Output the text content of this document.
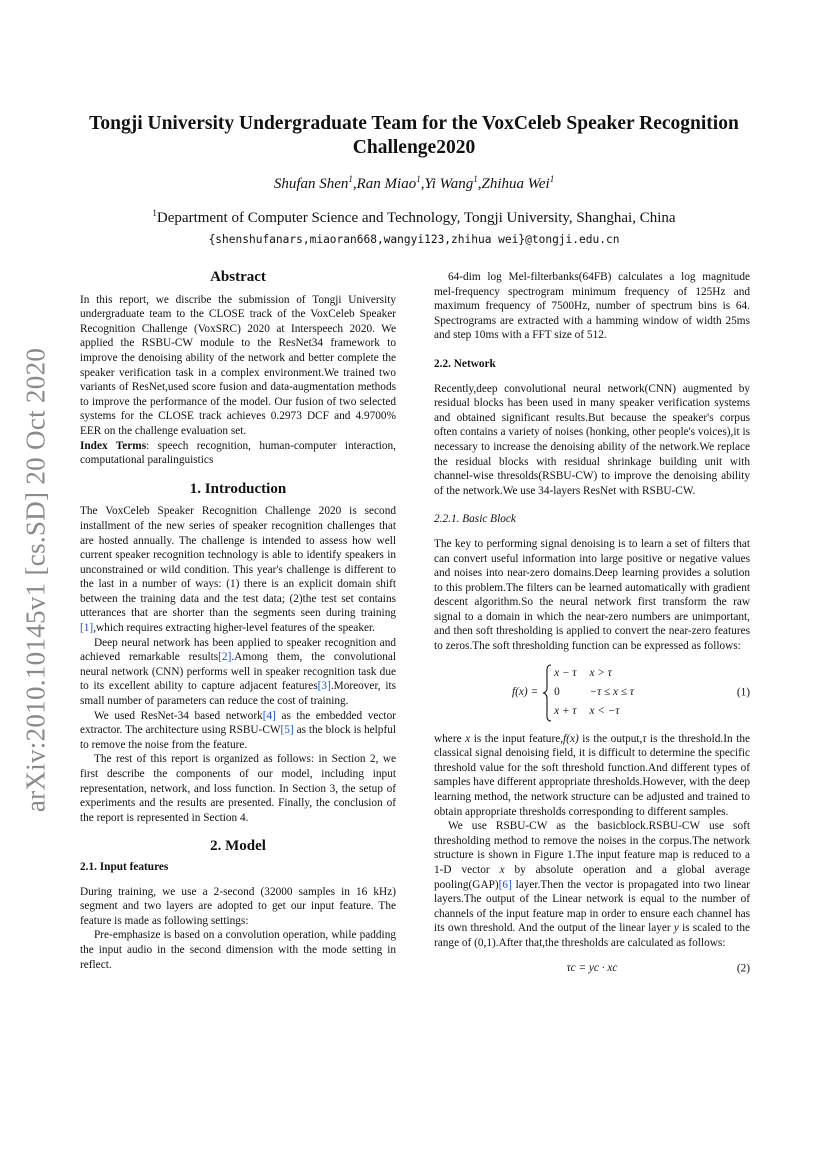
arXiv:2010.10145v1 [cs.SD] 20 Oct 2020
Tongji University Undergraduate Team for the VoxCeleb Speaker Recognition Challenge2020
Shufan Shen$^1$,Ran Miao$^1$,Yi Wang$^1$,Zhihua Wei$^1$
$^1$Department of Computer Science and Technology, Tongji University, Shanghai, China
{shenshufanars,miaoran668,wangyi123,zhihua wei}@tongji.edu.cn

Abstract

In this report, we discribe the submission of Tongji University undergraduate team to the CLOSE track of the VoxCeleb Speaker Recognition Challenge (VoxSRC) 2020 at Interspeech 2020. We applied the RSBU-CW module to the ResNet34 framework to improve the denoising ability of the network and better complete the speaker verification task in a complex environment.We trained two variants of ResNet,used score fusion and data-augmentation methods to improve the performance of the model. Our fusion of two selected systems for the CLOSE track achieves 0.2973 DCF and 4.9700% EER on the challenge evaluation set.

Index Terms: speech recognition, human-computer interaction, computational paralinguistics

1. Introduction

The VoxCeleb Speaker Recognition Challenge 2020 is second installment of the new series of speaker recognition challenges that are hosted annually. The challenge is intended to assess how well current speaker recognition technology is able to identify speakers in unconstrained or wild condition. This year's challenge is different to the last in a number of ways: (1) there is an explicit domain shift between the training data and the test data; (2)the test set contains utterances that are shorter than the segments seen during training [1],which requires extracting higher-level features of the speaker.

Deep neural network has been applied to speaker recognition and achieved remarkable results[2].Among them, the convolutional neural network (CNN) performs well in speaker recognition task due to its excellent ability to capture adjacent features[3].Moreover, its small number of parameters can reduce the cost of training.

We used ResNet-34 based network[4] as the embedded vector extractor. The architecture using RSBU-CW[5] as the block is helpful to remove the noise from the feature.

The rest of this report is organized as follows: in Section 2, we first describe the components of our model, including input representation, network, and loss function. In Section 3, the setup of experiments and the results are presented. Finally, the conclusion of the report is represented in Section 4.

2. Model

2.1. Input features

During training, we use a 2-second (32000 samples in 16 kHz) segment and two layers are adopted to get our input feature. The feature is made as following settings:

Pre-emphasize is based on a convolution operation, while padding the input audio in the second dimension with the mode setting in reflect.

64-dim log Mel-filterbanks(64FB) calculates a log magnitude mel-frequency spectrogram minimum frequency of 125Hz and maximum frequency of 7500Hz, number of spectrum bins is 64. Spectrograms are extracted with a hamming window of width 25ms and step 10ms with a FFT size of 512.

2.2. Network

Recently,deep convolutional neural network(CNN) augmented by residual blocks has been used in many speaker verification systems and obtained significant results.But because the speaker's corpus often contains a variety of noises (honking, other people's voices),it is necessary to increase the denoising ability of the network.We replace the residual blocks with residual shrinkage building unit with channel-wise thresolds(RSBU-CW) to improve the denoising ability of the network.We use 34-layers ResNet with RSBU-CW.

2.2.1. Basic Block

The key to performing signal denoising is to learn a set of filters that can convert useful information into large positive or negative values and noises into near-zero domains.Deep learning provides a solution to this problem.The filters can be learned automatically with gradient descent algorithm.So the neural network first transform the raw signal to a domain in which the near-zero numbers are unimportant, and then soft thresholding is applied to convert the near-zero features to zeros.The soft thresholding function can be expressed as follows:

f(x) =
x − τ	x > τ
0	−τ ≤ x ≤ τ
x + τ	x < −τ
(1)

where x is the input feature,f(x) is the output,τ is the threshold.In the classical signal denoising field, it is difficult to determine the specific threshold value for the soft threshold function.And different types of samples have different appropriate thresholds.However, with the deep learning method, the network structure can be adjusted and trained to obtain appropriate thresholds corresponding to different samples.

We use RSBU-CW as the basicblock.RSBU-CW use soft thresholding method to remove the noises in the corpus.The network structure is shown in Figure 1.The input feature map is reduced to a 1-D vector x by absolute operation and a global average pooling(GAP)[6] layer.Then the vector is propagated into two linear layers.The output of the Linear network is equal to the number of channels of the input feature map in order to ensure each channel has its own threshold. And the output of the linear layer y is scaled to the range of (0,1).After that,the thresholds are calculated as follows:

τc = yc · xc	(2)
